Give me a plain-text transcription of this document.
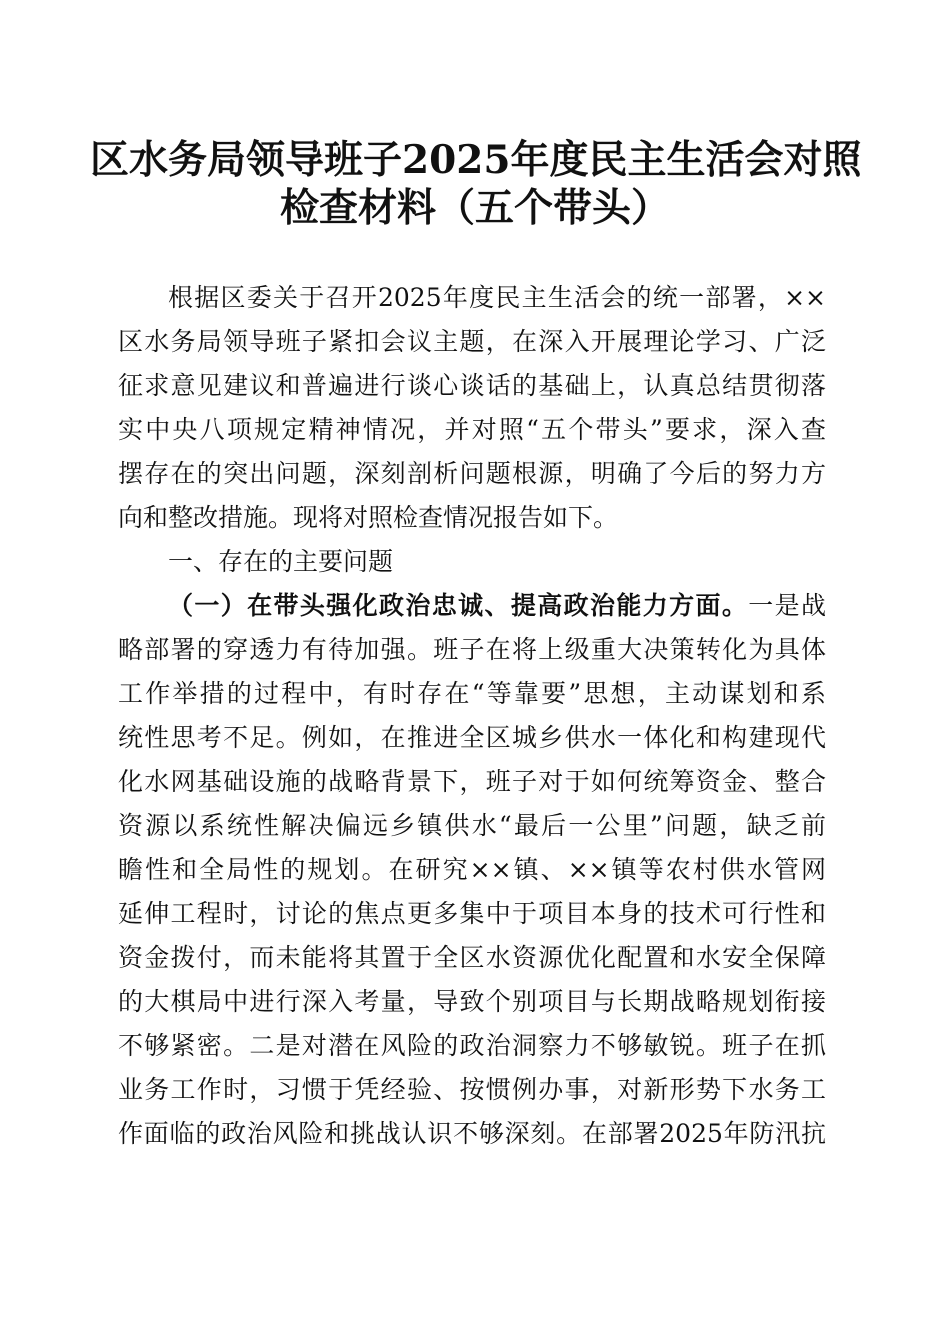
区水务局领导班子2025年度民主生活会对照
检查材料（五个带头）
根据区委关于召开2025年度民主生活会的统一部署，××
区水务局领导班子紧扣会议主题，在深入开展理论学习、广泛
征求意见建议和普遍进行谈心谈话的基础上，认真总结贯彻落
实中央八项规定精神情况，并对照“五个带头”要求，深入查
摆存在的突出问题，深刻剖析问题根源，明确了今后的努力方
向和整改措施。现将对照检查情况报告如下。
一、存在的主要问题
（一）在带头强化政治忠诚、提高政治能力方面。一是战
略部署的穿透力有待加强。班子在将上级重大决策转化为具体
工作举措的过程中，有时存在“等靠要”思想，主动谋划和系
统性思考不足。例如，在推进全区城乡供水一体化和构建现代
化水网基础设施的战略背景下，班子对于如何统筹资金、整合
资源以系统性解决偏远乡镇供水“最后一公里”问题，缺乏前
瞻性和全局性的规划。在研究××镇、××镇等农村供水管网
延伸工程时，讨论的焦点更多集中于项目本身的技术可行性和
资金拨付，而未能将其置于全区水资源优化配置和水安全保障
的大棋局中进行深入考量，导致个别项目与长期战略规划衔接
不够紧密。二是对潜在风险的政治洞察力不够敏锐。班子在抓
业务工作时，习惯于凭经验、按惯例办事，对新形势下水务工
作面临的政治风险和挑战认识不够深刻。在部署2025年防汛抗
